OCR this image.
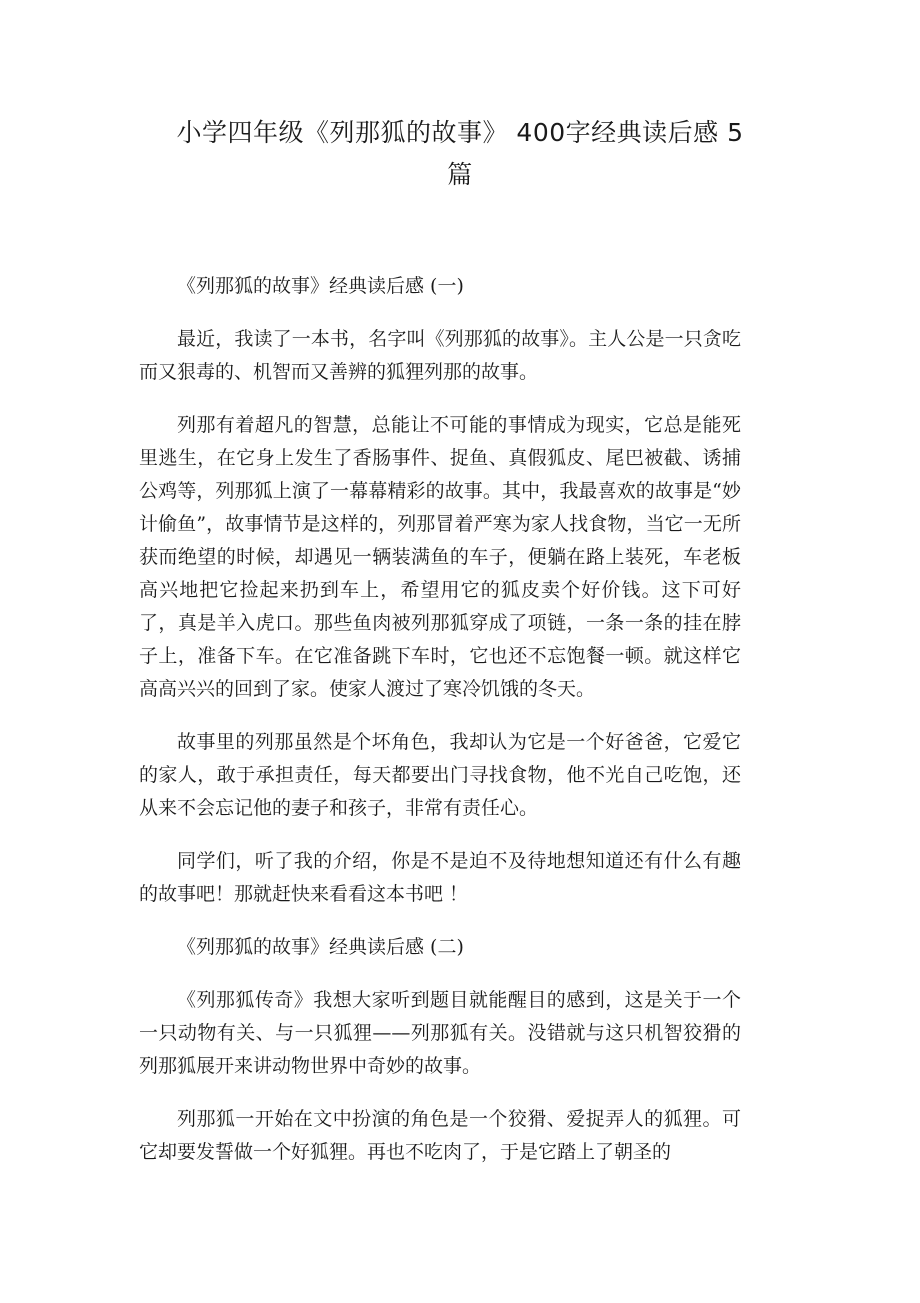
小学四年级《列那狐的故事》 400字经典读后感 5
篇
《列那狐的故事》经典读后感 (一)

最近，我读了一本书，名字叫《列那狐的故事》。主人公是一只贪吃而又狠毒的、机智而又善辨的狐狸列那的故事。

列那有着超凡的智慧，总能让不可能的事情成为现实，它总是能死里逃生，在它身上发生了香肠事件、捉鱼、真假狐皮、尾巴被截、诱捕公鸡等，列那狐上演了一幕幕精彩的故事。其中，我最喜欢的故事是“妙计偷鱼”，故事情节是这样的，列那冒着严寒为家人找食物，当它一无所获而绝望的时候，却遇见一辆装满鱼的车子，便躺在路上装死，车老板高兴地把它捡起来扔到车上，希望用它的狐皮卖个好价钱。这下可好了，真是羊入虎口。那些鱼肉被列那狐穿成了项链，一条一条的挂在脖子上，准备下车。在它准备跳下车时，它也还不忘饱餐一顿。就这样它高高兴兴的回到了家。使家人渡过了寒冷饥饿的冬天。

故事里的列那虽然是个坏角色，我却认为它是一个好爸爸，它爱它的家人，敢于承担责任，每天都要出门寻找食物，他不光自己吃饱，还从来不会忘记他的妻子和孩子，非常有责任心。

同学们，听了我的介绍，你是不是迫不及待地想知道还有什么有趣的故事吧！那就赶快来看看这本书吧 ！

《列那狐的故事》经典读后感 (二)

《列那狐传奇》我想大家听到题目就能醒目的感到，这是关于一个一只动物有关、与一只狐狸——列那狐有关。没错就与这只机智狡猾的列那狐展开来讲动物世界中奇妙的故事。

列那狐一开始在文中扮演的角色是一个狡猾、爱捉弄人的狐狸。可它却要发誓做一个好狐狸。再也不吃肉了，于是它踏上了朝圣的
